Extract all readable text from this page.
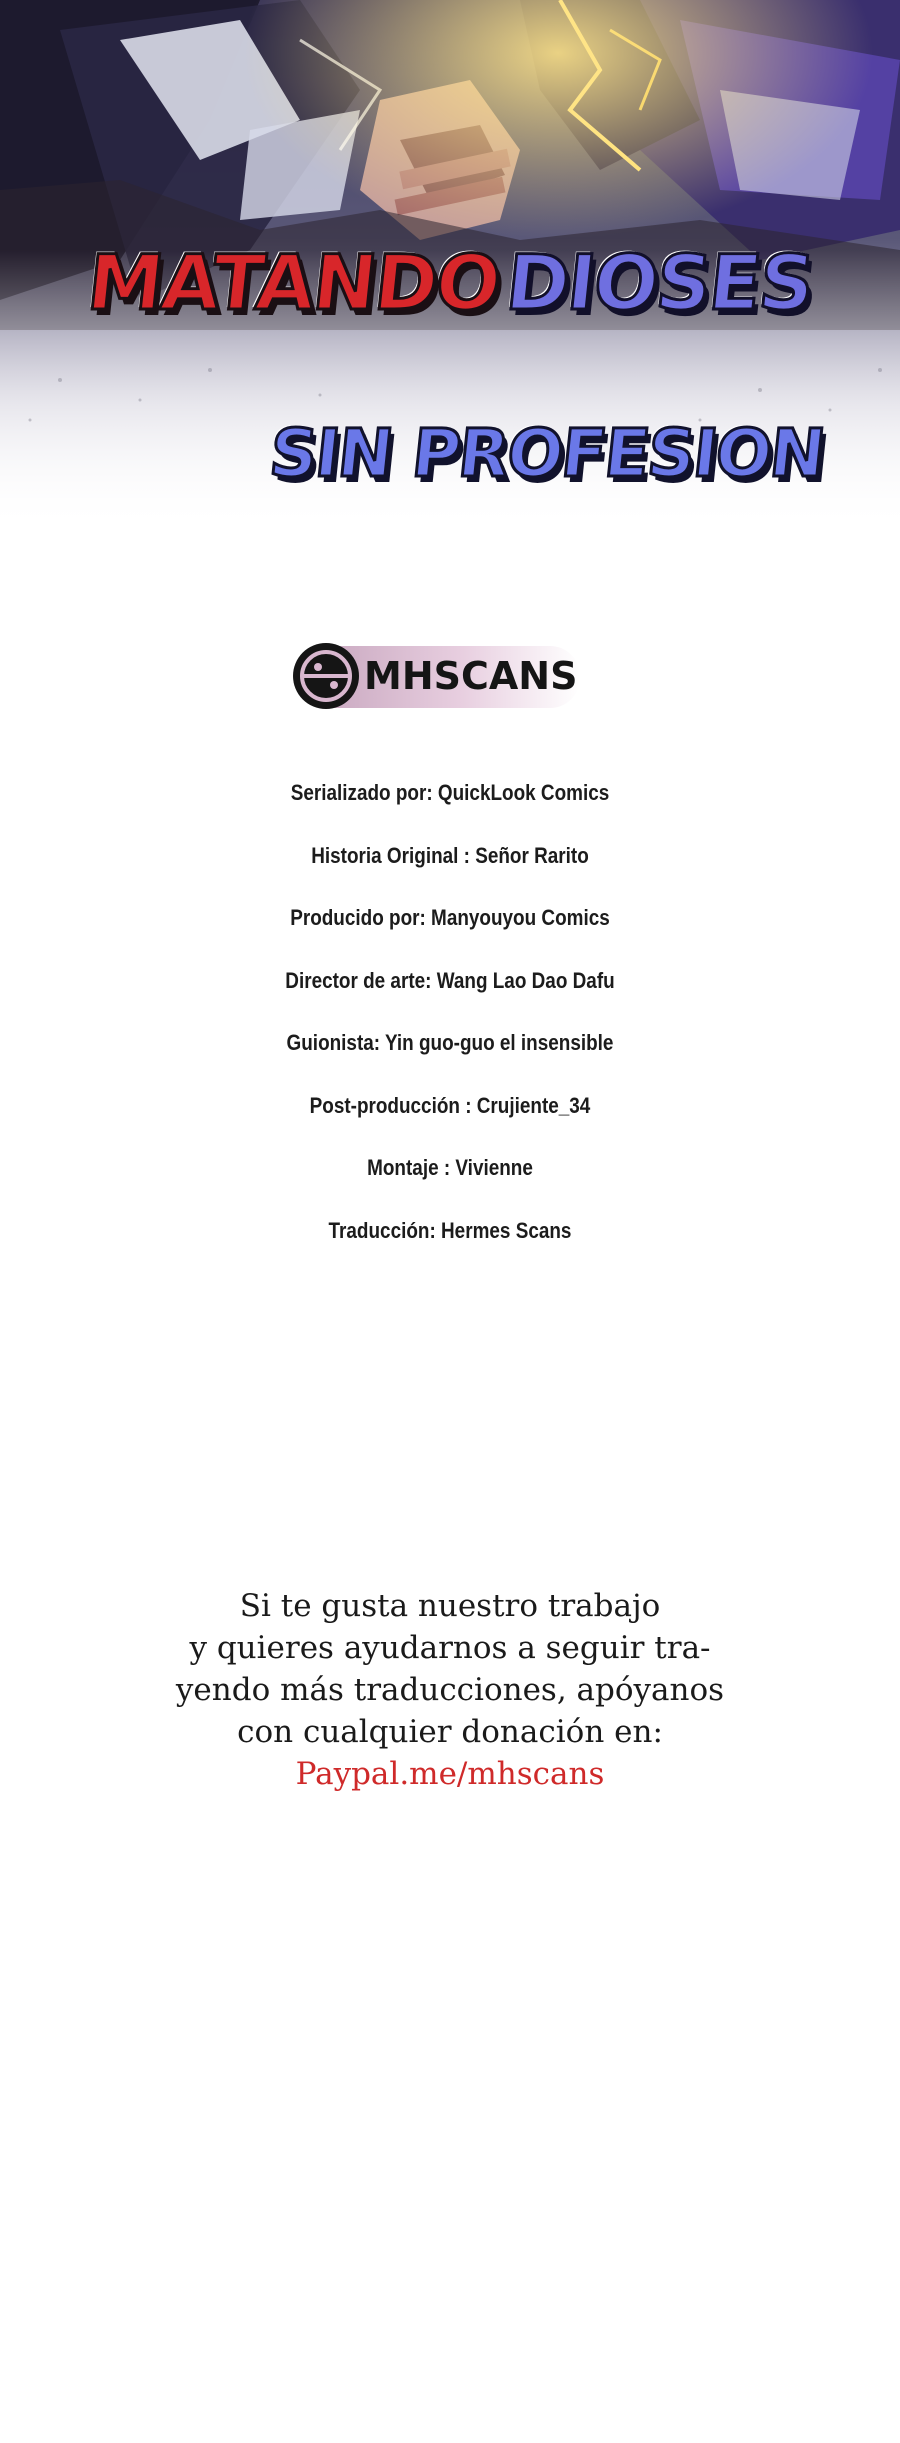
MATANDODIOSES
SIN PROFESION
MHSCANS
Serializado por: QuickLook Comics
Historia Original : Señor Rarito
Producido por: Manyouyou Comics
Director de arte: Wang Lao Dao Dafu
Guionista: Yin guo-guo el insensible
Post-producción : Crujiente_34
Montaje : Vivienne
Traducción: Hermes Scans
Si te gusta nuestro trabajo
y quieres ayudarnos a seguir tra-
yendo más traducciones, apóyanos
con cualquier donación en:
Paypal.me/mhscans
